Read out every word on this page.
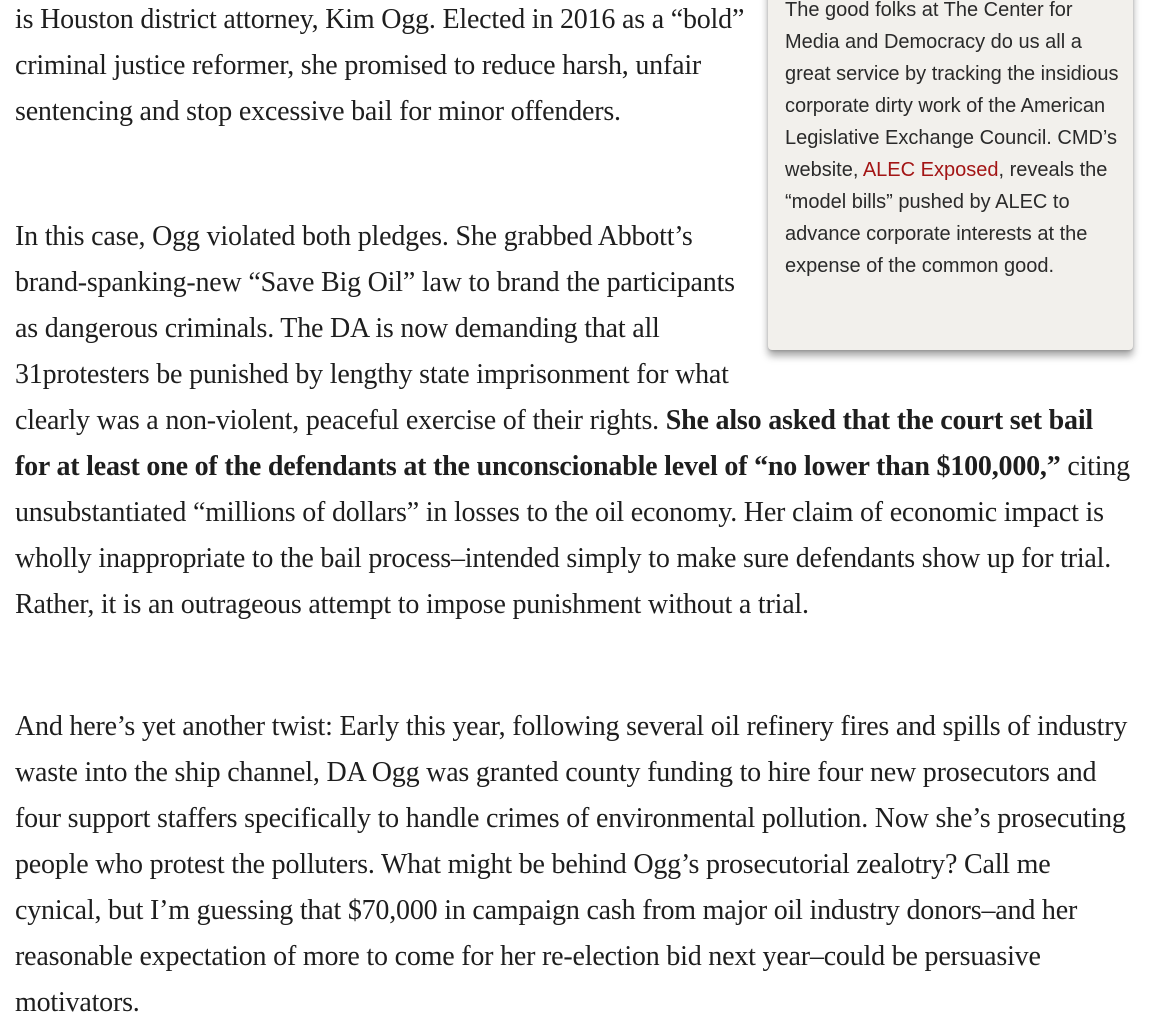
is Houston district attorney, Kim Ogg. Elected in 2016 as a “bold” criminal justice reformer, she promised to reduce harsh, unfair sentencing and stop excessive bail for minor offenders.

In this case, Ogg violated both pledges. She grabbed Abbott’s brand-spanking-new “Save Big Oil” law to brand the participants as dangerous criminals. The DA is now demanding that all 31protesters be punished by lengthy state imprisonment for what clearly was a non-violent, peaceful exercise of their rights. She also asked that the court set bail for at least one of the defendants at the unconscionable level of “no lower than $100,000,” citing unsubstantiated “millions of dollars” in losses to the oil economy. Her claim of economic impact is wholly inappropriate to the bail process–intended simply to make sure defendants show up for trial. Rather, it is an outrageous attempt to impose punishment without a trial.

And here’s yet another twist: Early this year, following several oil refinery fires and spills of industry waste into the ship channel, DA Ogg was granted county funding to hire four new prosecutors and four support staffers specifically to handle crimes of environmental pollution. Now she’s prosecuting people who protest the polluters. What might be behind Ogg’s prosecutorial zealotry? Call me cynical, but I’m guessing that $70,000 in campaign cash from major oil industry donors–and her reasonable expectation of more to come for her re-election bid next year–could be persuasive motivators.

The good folks at The Center for Media and Democracy do us all a great service by tracking the insidious corporate dirty work of the American Legislative Exchange Council. CMD’s website, ALEC Exposed, reveals the “model bills” pushed by ALEC to advance corporate interests at the expense of the common good.
